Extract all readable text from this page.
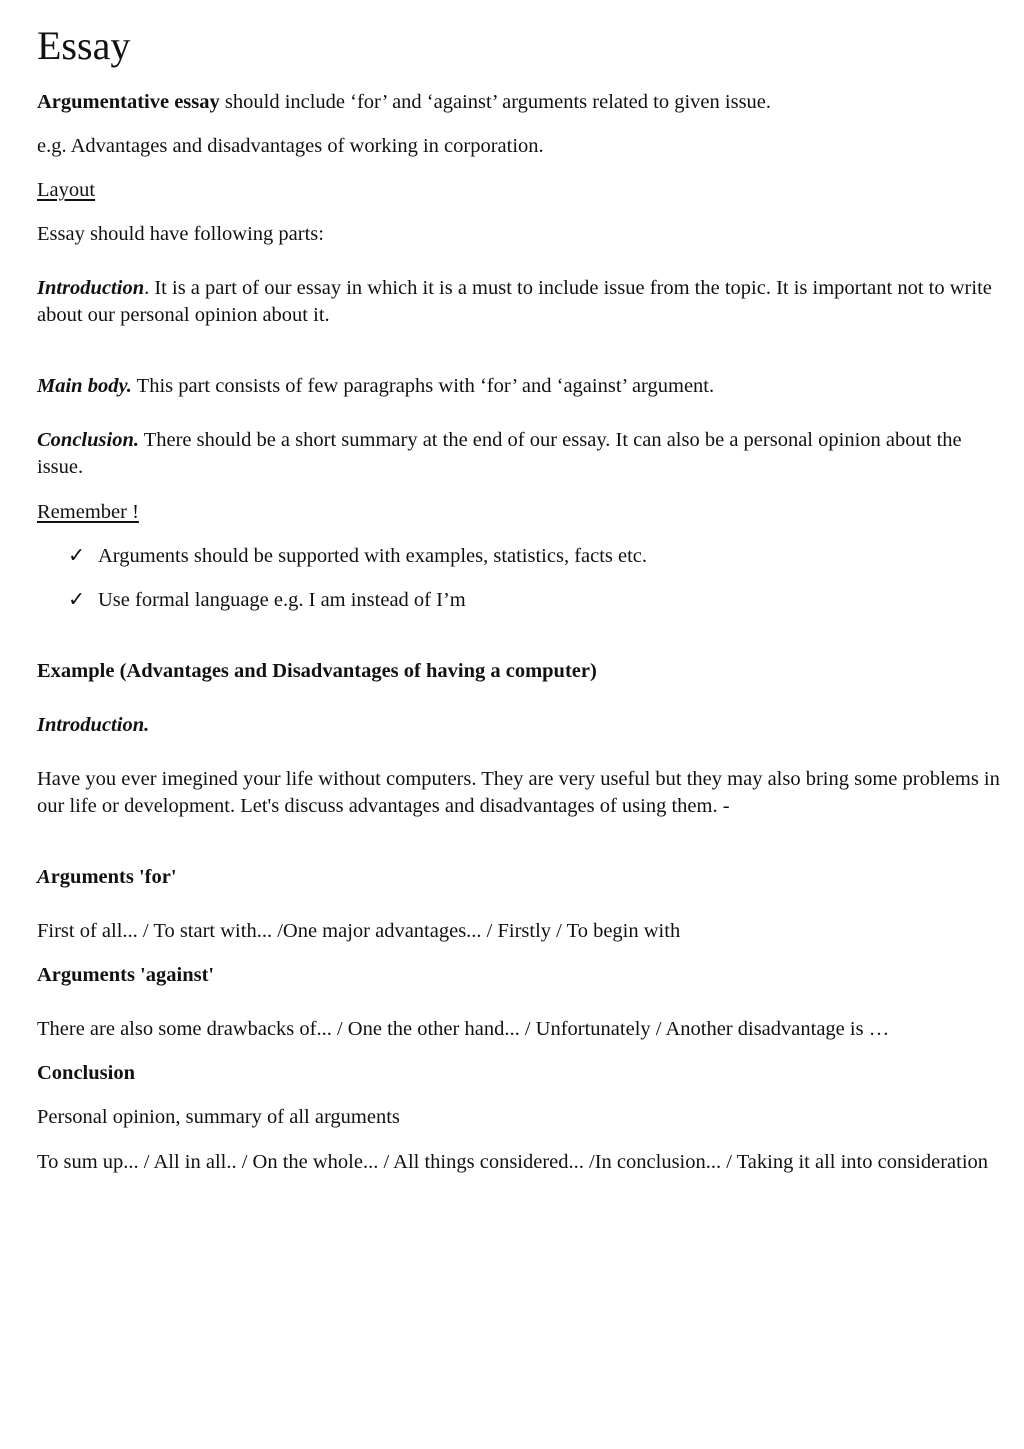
Essay
Argumentative essay should include ‘for’ and ‘against’ arguments related to given issue.
e.g. Advantages and disadvantages of working in corporation.
Layout
Essay should have following parts:
Introduction. It is a part of our essay in which it is a must to include issue from the topic. It is important not to write about our personal opinion about it.
Main body. This part consists of few paragraphs with ‘for’ and ‘against’ argument.
Conclusion. There should be a short summary at the end of our essay. It can also be a personal opinion about the issue.
Remember !
✓ Arguments should be supported with examples, statistics, facts etc.
✓ Use formal language e.g. I am instead of I’m
Example (Advantages and Disadvantages of having a computer)
Introduction.
Have you ever imegined your life without computers. They are very useful but they may also bring some problems in our life or development. Let's discuss advantages and disadvantages of using them. -
Arguments 'for'
First of all... / To start with... /One major advantages... / Firstly / To begin with
Arguments 'against'
There are also some drawbacks of... / One the other hand... / Unfortunately / Another disadvantage is …
Conclusion
Personal opinion, summary of all arguments
To sum up... / All in all.. / On the whole... / All things considered... /In conclusion... / Taking it all into consideration
